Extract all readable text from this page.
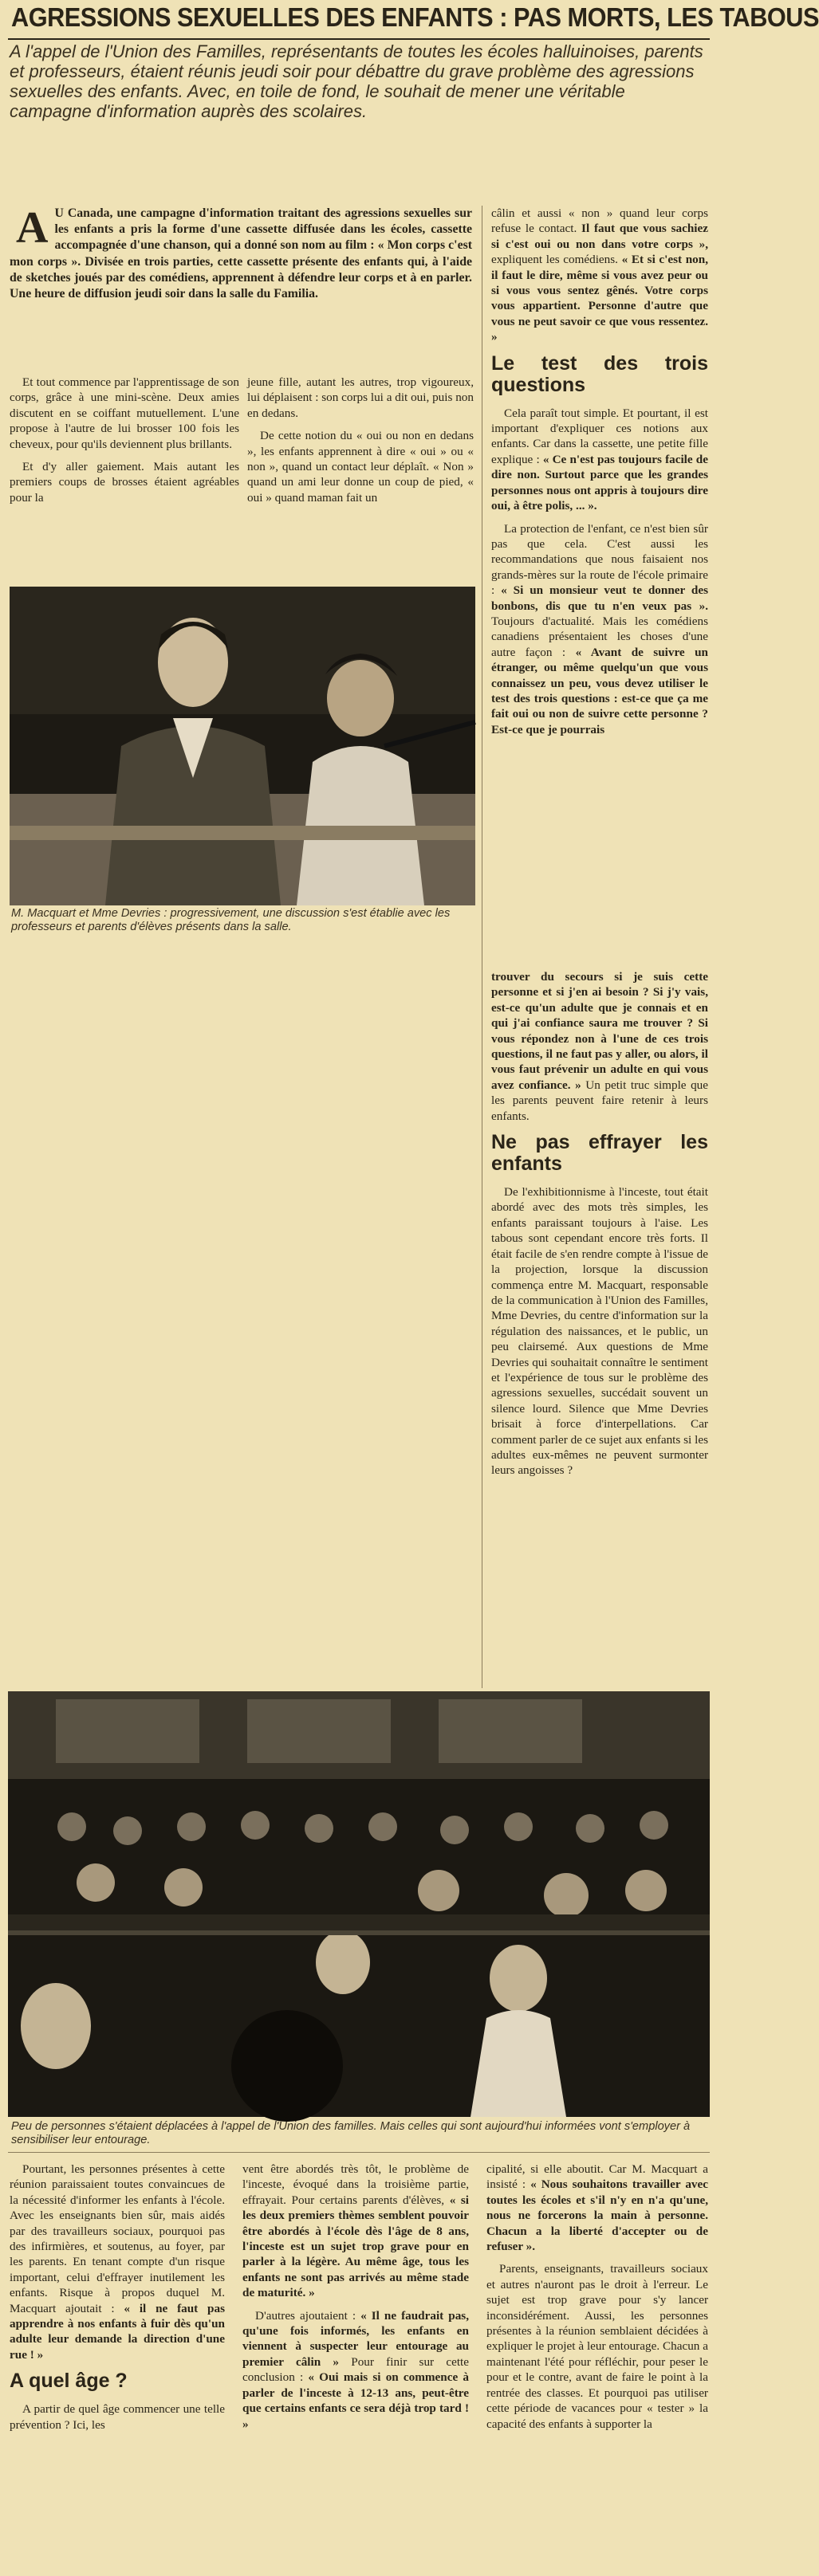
AGRESSIONS SEXUELLES DES ENFANTS : PAS MORTS, LES TABOUS

A l'appel de l'Union des Familles, représentants de toutes les écoles halluinoises, parents et professeurs, étaient réunis jeudi soir pour débattre du grave problème des agressions sexuelles des enfants. Avec, en toile de fond, le souhait de mener une véritable campagne d'information auprès des scolaires.

A U Canada, une campagne d'information traitant des agressions sexuelles sur les enfants a pris la forme d'une cassette diffusée dans les écoles, cassette accompagnée d'une chanson, qui a donné son nom au film : « Mon corps c'est mon corps ». Divisée en trois parties, cette cassette présente des enfants qui, à l'aide de sketches joués par des comédiens, apprennent à défendre leur corps et à en parler. Une heure de diffusion jeudi soir dans la salle du Familia.

Et tout commence par l'apprentissage de son corps, grâce à une mini-scène. Deux amies discutent en se coiffant mutuellement. L'une propose à l'autre de lui brosser 100 fois les cheveux, pour qu'ils deviennent plus brillants.

Et d'y aller gaiement. Mais autant les premiers coups de brosses étaient agréables pour la

jeune fille, autant les autres, trop vigoureux, lui déplaisent : son corps lui a dit oui, puis non en dedans.

De cette notion du « oui ou non en dedans », les enfants apprennent à dire « oui » ou « non », quand un contact leur déplaît. « Non » quand un ami leur donne un coup de pied, « oui » quand maman fait un

M. Macquart et Mme Devries : progressivement, une discussion s'est établie avec les professeurs et parents d'élèves présents dans la salle.

câlin et aussi « non » quand leur corps refuse le contact. Il faut que vous sachiez si c'est oui ou non dans votre corps », expliquent les comédiens. « Et si c'est non, il faut le dire, même si vous avez peur ou si vous vous sentez gênés. Votre corps vous appartient. Personne d'autre que vous ne peut savoir ce que vous ressentez. »

Le test des trois questions

Cela paraît tout simple. Et pourtant, il est important d'expliquer ces notions aux enfants. Car dans la cassette, une petite fille explique : « Ce n'est pas toujours facile de dire non. Surtout parce que les grandes personnes nous ont appris à toujours dire oui, à être polis, ... ».

La protection de l'enfant, ce n'est bien sûr pas que cela. C'est aussi les recommandations que nous faisaient nos grands-mères sur la route de l'école primaire : « Si un monsieur veut te donner des bonbons, dis que tu n'en veux pas ». Toujours d'actualité. Mais les comédiens canadiens présentaient les choses d'une autre façon : « Avant de suivre un étranger, ou même quelqu'un que vous connaissez un peu, vous devez utiliser le test des trois questions : est-ce que ça me fait oui ou non de suivre cette personne ? Est-ce que je pourrais

trouver du secours si je suis cette personne et si j'en ai besoin ? Si j'y vais, est-ce qu'un adulte que je connais et en qui j'ai confiance saura me trouver ? Si vous répondez non à l'une de ces trois questions, il ne faut pas y aller, ou alors, il vous faut prévenir un adulte en qui vous avez confiance. » Un petit truc simple que les parents peuvent faire retenir à leurs enfants.

Ne pas effrayer les enfants

De l'exhibitionnisme à l'inceste, tout était abordé avec des mots très simples, les enfants paraissant toujours à l'aise. Les tabous sont cependant encore très forts. Il était facile de s'en rendre compte à l'issue de la projection, lorsque la discussion commença entre M. Macquart, responsable de la communication à l'Union des Familles, Mme Devries, du centre d'information sur la régulation des naissances, et le public, un peu clairsemé. Aux questions de Mme Devries qui souhaitait connaître le sentiment et l'expérience de tous sur le problème des agressions sexuelles, succédait souvent un silence lourd. Silence que Mme Devries brisait à force d'interpellations. Car comment parler de ce sujet aux enfants si les adultes eux-mêmes ne peuvent surmonter leurs angoisses ?

Peu de personnes s'étaient déplacées à l'appel de l'Union des familles. Mais celles qui sont aujourd'hui informées vont s'employer à sensibiliser leur entourage.

Pourtant, les personnes présentes à cette réunion paraissaient toutes convaincues de la nécessité d'informer les enfants à l'école. Avec les enseignants bien sûr, mais aidés par des travailleurs sociaux, pourquoi pas des infirmières, et soutenus, au foyer, par les parents. En tenant compte d'un risque important, celui d'effrayer inutilement les enfants. Risque à propos duquel M. Macquart ajoutait : « il ne faut pas apprendre à nos enfants à fuir dès qu'un adulte leur demande la direction d'une rue ! »

A quel âge ?

A partir de quel âge commencer une telle prévention ? Ici, les

vent être abordés très tôt, le problème de l'inceste, évoqué dans la troisième partie, effrayait. Pour certains parents d'élèves, « si les deux premiers thèmes semblent pouvoir être abordés à l'école dès l'âge de 8 ans, l'inceste est un sujet trop grave pour en parler à la légère. Au même âge, tous les enfants ne sont pas arrivés au même stade de maturité. »

D'autres ajoutaient : « Il ne faudrait pas, qu'une fois informés, les enfants en viennent à suspecter leur entourage au premier câlin » Pour finir sur cette conclusion : « Oui mais si on commence à parler de l'inceste à 12-13 ans, peut-être que certains enfants ce sera déjà trop tard ! »

cipalité, si elle aboutit. Car M. Macquart a insisté : « Nous souhaitons travailler avec toutes les écoles et s'il n'y en n'a qu'une, nous ne forcerons la main à personne. Chacun a la liberté d'accepter ou de refuser ».

Parents, enseignants, travailleurs sociaux et autres n'auront pas le droit à l'erreur. Le sujet est trop grave pour s'y lancer inconsidérément. Aussi, les personnes présentes à la réunion semblaient décidées à expliquer le projet à leur entourage. Chacun a maintenant l'été pour réfléchir, pour peser le pour et le contre, avant de faire le point à la rentrée des classes. Et pourquoi pas utiliser cette période de vacances pour « tester » la capacité des enfants à supporter la
